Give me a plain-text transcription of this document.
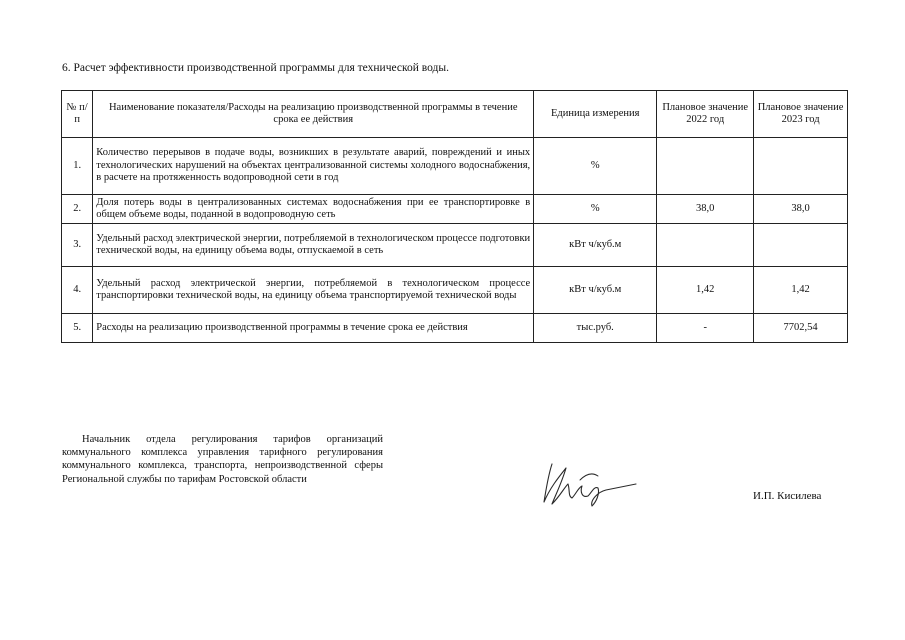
6. Расчет эффективности производственной программы для технической воды.
№ п/п	Наименование показателя/Расходы на реализацию производственной программы в течение срока ее действия	Единица измерения	Плановое значение 2022 год	Плановое значение 2023 год
1.	Количество перерывов в подаче воды, возникших в результате аварий, повреждений и иных технологических нарушений на объектах централизованной системы холодного водоснабжения, в расчете на протяженность водопроводной сети в год	%		
2.	Доля потерь воды в централизованных системах водоснабжения при ее транспортировке в общем объеме воды, поданной в водопроводную сеть	%	38,0	38,0
3.	Удельный расход электрической энергии, потребляемой в технологическом процессе подготовки технической воды, на единицу объема воды, отпускаемой в сеть	кВт ч/куб.м		
4.	Удельный расход электрической энергии, потребляемой в технологическом процессе транспортировки технической воды, на единицу объема транспортируемой технической воды	кВт ч/куб.м	1,42	1,42
5.	Расходы на реализацию производственной программы в течение срока ее действия	тыс.руб.	-	7702,54
Начальник отдела регулирования тарифов организаций коммунального комплекса управления тарифного регулирования коммунального комплекса, транспорта, непроизводственной сферы Региональной службы по тарифам Ростовской области
И.П. Кисилева
